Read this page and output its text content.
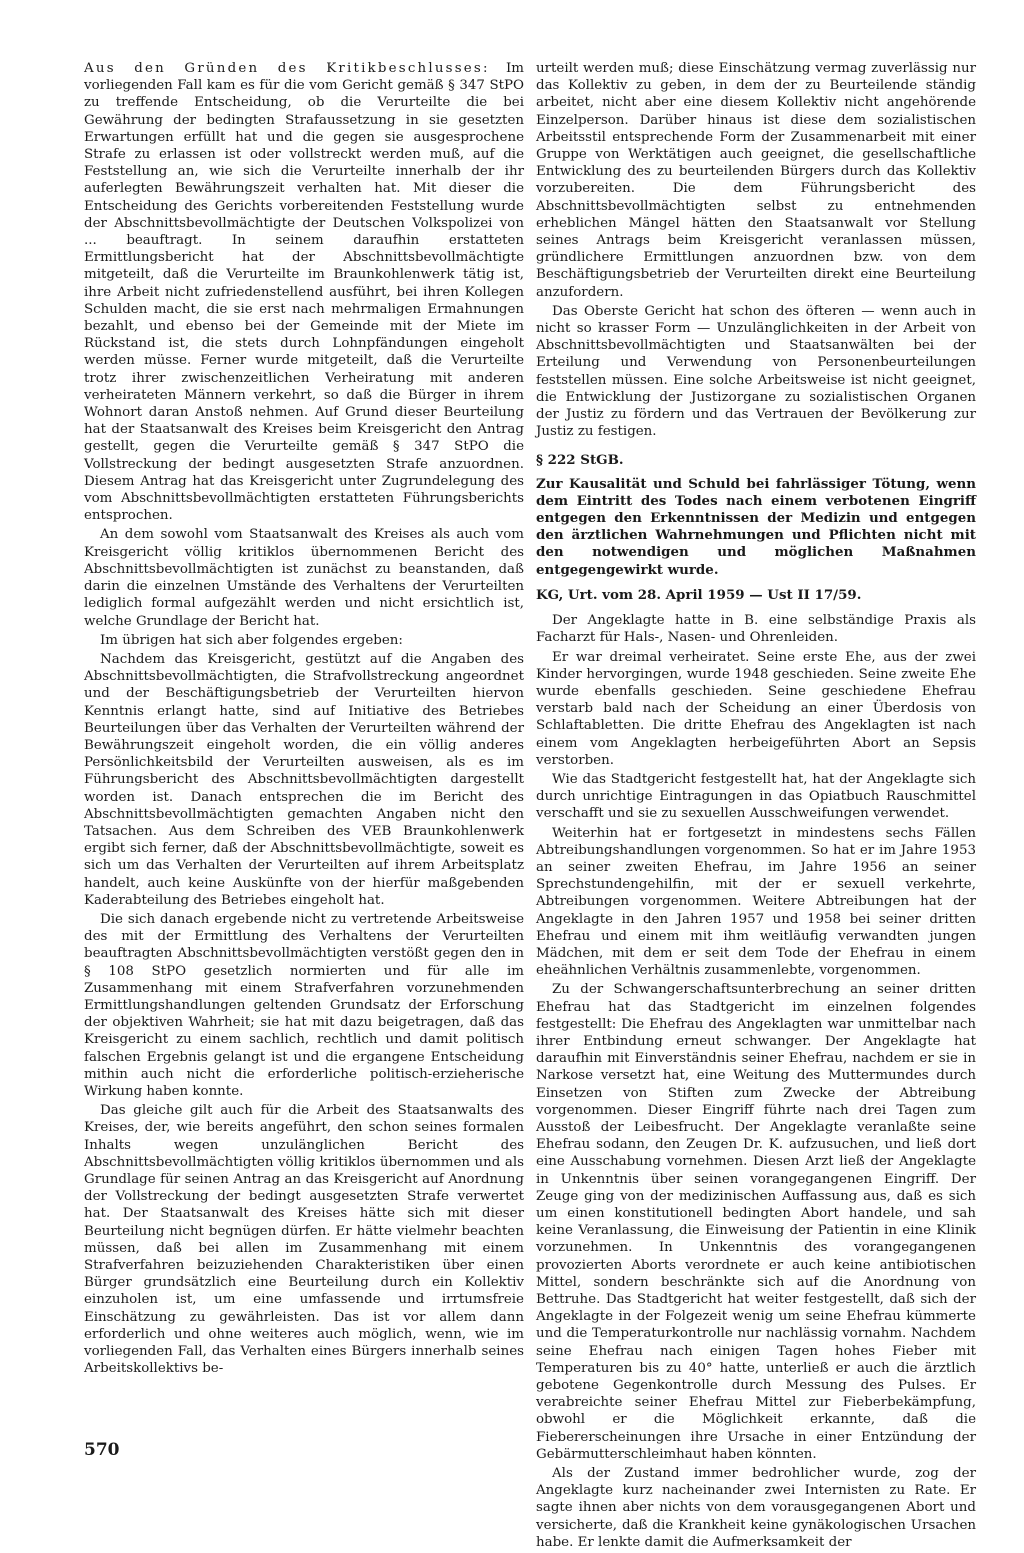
Aus den Gründen des Kritikbeschlusses: Im vorliegenden Fall kam es für die vom Gericht gemäß § 347 StPO zu treffende Entscheidung, ob die Verurteilte die bei Gewährung der bedingten Strafaussetzung in sie gesetzten Erwartungen erfüllt hat und die gegen sie ausgesprochene Strafe zu erlassen ist oder vollstreckt werden muß, auf die Feststellung an, wie sich die Verurteilte innerhalb der ihr auferlegten Bewährungszeit verhalten hat. Mit dieser die Entscheidung des Gerichts vorbereitenden Feststellung wurde der Abschnittsbevollmächtigte der Deutschen Volkspolizei von ... beauftragt. In seinem daraufhin erstatteten Ermittlungsbericht hat der Abschnittsbevollmächtigte mitgeteilt, daß die Verurteilte im Braunkohlenwerk tätig ist, ihre Arbeit nicht zufriedenstellend ausführt, bei ihren Kollegen Schulden macht, die sie erst nach mehrmaligen Ermahnungen bezahlt, und ebenso bei der Gemeinde mit der Miete im Rückstand ist, die stets durch Lohnpfändungen eingeholt werden müsse. Ferner wurde mitgeteilt, daß die Verurteilte trotz ihrer zwischenzeitlichen Verheiratung mit anderen verheirateten Männern verkehrt, so daß die Bürger in ihrem Wohnort daran Anstoß nehmen. Auf Grund dieser Beurteilung hat der Staatsanwalt des Kreises beim Kreisgericht den Antrag gestellt, gegen die Verurteilte gemäß § 347 StPO die Vollstreckung der bedingt ausgesetzten Strafe anzuordnen. Diesem Antrag hat das Kreisgericht unter Zugrundelegung des vom Abschnittsbevollmächtigten erstatteten Führungsberichts entsprochen.

An dem sowohl vom Staatsanwalt des Kreises als auch vom Kreisgericht völlig kritiklos übernommenen Bericht des Abschnittsbevollmächtigten ist zunächst zu beanstanden, daß darin die einzelnen Umstände des Verhaltens der Verurteilten lediglich formal aufgezählt werden und nicht ersichtlich ist, welche Grundlage der Bericht hat.

Im übrigen hat sich aber folgendes ergeben:

Nachdem das Kreisgericht, gestützt auf die Angaben des Abschnittsbevollmächtigten, die Strafvollstreckung angeordnet und der Beschäftigungsbetrieb der Verurteilten hiervon Kenntnis erlangt hatte, sind auf Initiative des Betriebes Beurteilungen über das Verhalten der Verurteilten während der Bewährungszeit eingeholt worden, die ein völlig anderes Persönlichkeitsbild der Verurteilten ausweisen, als es im Führungsbericht des Abschnittsbevollmächtigten dargestellt worden ist. Danach entsprechen die im Bericht des Abschnittsbevollmächtigten gemachten Angaben nicht den Tatsachen. Aus dem Schreiben des VEB Braunkohlenwerk ergibt sich ferner, daß der Abschnittsbevollmächtigte, soweit es sich um das Verhalten der Verurteilten auf ihrem Arbeitsplatz handelt, auch keine Auskünfte von der hierfür maßgebenden Kaderabteilung des Betriebes eingeholt hat.

Die sich danach ergebende nicht zu vertretende Arbeitsweise des mit der Ermittlung des Verhaltens der Verurteilten beauftragten Abschnittsbevollmächtigten verstößt gegen den in § 108 StPO gesetzlich normierten und für alle im Zusammenhang mit einem Strafverfahren vorzunehmenden Ermittlungshandlungen geltenden Grundsatz der Erforschung der objektiven Wahrheit; sie hat mit dazu beigetragen, daß das Kreisgericht zu einem sachlich, rechtlich und damit politisch falschen Ergebnis gelangt ist und die ergangene Entscheidung mithin auch nicht die erforderliche politisch-erzieherische Wirkung haben konnte.

Das gleiche gilt auch für die Arbeit des Staatsanwalts des Kreises, der, wie bereits angeführt, den schon seines formalen Inhalts wegen unzulänglichen Bericht des Abschnittsbevollmächtigten völlig kritiklos übernommen und als Grundlage für seinen Antrag an das Kreisgericht auf Anordnung der Vollstreckung der bedingt ausgesetzten Strafe verwertet hat. Der Staatsanwalt des Kreises hätte sich mit dieser Beurteilung nicht begnügen dürfen. Er hätte vielmehr beachten müssen, daß bei allen im Zusammenhang mit einem Strafverfahren beizuziehenden Charakteristiken über einen Bürger grundsätzlich eine Beurteilung durch ein Kollektiv einzuholen ist, um eine umfassende und irrtumsfreie Einschätzung zu gewährleisten. Das ist vor allem dann erforderlich und ohne weiteres auch möglich, wenn, wie im vorliegenden Fall, das Verhalten eines Bürgers innerhalb seines Arbeitskollektivs be-

urteilt werden muß; diese Einschätzung vermag zuverlässig nur das Kollektiv zu geben, in dem der zu Beurteilende ständig arbeitet, nicht aber eine diesem Kollektiv nicht angehörende Einzelperson. Darüber hinaus ist diese dem sozialistischen Arbeitsstil entsprechende Form der Zusammenarbeit mit einer Gruppe von Werktätigen auch geeignet, die gesellschaftliche Entwicklung des zu beurteilenden Bürgers durch das Kollektiv vorzubereiten. Die dem Führungsbericht des Abschnittsbevollmächtigten selbst zu entnehmenden erheblichen Mängel hätten den Staatsanwalt vor Stellung seines Antrags beim Kreisgericht veranlassen müssen, gründlichere Ermittlungen anzuordnen bzw. von dem Beschäftigungsbetrieb der Verurteilten direkt eine Beurteilung anzufordern.

Das Oberste Gericht hat schon des öfteren — wenn auch in nicht so krasser Form — Unzulänglichkeiten in der Arbeit von Abschnittsbevollmächtigten und Staatsanwälten bei der Erteilung und Verwendung von Personenbeurteilungen feststellen müssen. Eine solche Arbeitsweise ist nicht geeignet, die Entwicklung der Justizorgane zu sozialistischen Organen der Justiz zu fördern und das Vertrauen der Bevölkerung zur Justiz zu festigen.

§ 222 StGB.
Zur Kausalität und Schuld bei fahrlässiger Tötung, wenn dem Eintritt des Todes nach einem verbotenen Eingriff entgegen den Erkenntnissen der Medizin und entgegen den ärztlichen Wahrnehmungen und Pflichten nicht mit den notwendigen und möglichen Maßnahmen entgegengewirkt wurde.
KG, Urt. vom 28. April 1959 — Ust II 17/59.

Der Angeklagte hatte in B. eine selbständige Praxis als Facharzt für Hals-, Nasen- und Ohrenleiden.

Er war dreimal verheiratet. Seine erste Ehe, aus der zwei Kinder hervorgingen, wurde 1948 geschieden. Seine zweite Ehe wurde ebenfalls geschieden. Seine geschiedene Ehefrau verstarb bald nach der Scheidung an einer Überdosis von Schlaftabletten. Die dritte Ehefrau des Angeklagten ist nach einem vom Angeklagten herbeigeführten Abort an Sepsis verstorben.

Wie das Stadtgericht festgestellt hat, hat der Angeklagte sich durch unrichtige Eintragungen in das Opiatbuch Rauschmittel verschafft und sie zu sexuellen Ausschweifungen verwendet.

Weiterhin hat er fortgesetzt in mindestens sechs Fällen Abtreibungshandlungen vorgenommen. So hat er im Jahre 1953 an seiner zweiten Ehefrau, im Jahre 1956 an seiner Sprechstundengehilfin, mit der er sexuell verkehrte, Abtreibungen vorgenommen. Weitere Abtreibungen hat der Angeklagte in den Jahren 1957 und 1958 bei seiner dritten Ehefrau und einem mit ihm weitläufig verwandten jungen Mädchen, mit dem er seit dem Tode der Ehefrau in einem eheähnlichen Verhältnis zusammenlebte, vorgenommen.

Zu der Schwangerschaftsunterbrechung an seiner dritten Ehefrau hat das Stadtgericht im einzelnen folgendes festgestellt: Die Ehefrau des Angeklagten war unmittelbar nach ihrer Entbindung erneut schwanger. Der Angeklagte hat daraufhin mit Einverständnis seiner Ehefrau, nachdem er sie in Narkose versetzt hat, eine Weitung des Muttermundes durch Einsetzen von Stiften zum Zwecke der Abtreibung vorgenommen. Dieser Eingriff führte nach drei Tagen zum Ausstoß der Leibesfrucht. Der Angeklagte veranlaßte seine Ehefrau sodann, den Zeugen Dr. K. aufzusuchen, und ließ dort eine Ausschabung vornehmen. Diesen Arzt ließ der Angeklagte in Unkenntnis über seinen vorangegangenen Eingriff. Der Zeuge ging von der medizinischen Auffassung aus, daß es sich um einen konstitutionell bedingten Abort handele, und sah keine Veranlassung, die Einweisung der Patientin in eine Klinik vorzunehmen. In Unkenntnis des vorangegangenen provozierten Aborts verordnete er auch keine antibiotischen Mittel, sondern beschränkte sich auf die Anordnung von Bettruhe. Das Stadtgericht hat weiter festgestellt, daß sich der Angeklagte in der Folgezeit wenig um seine Ehefrau kümmerte und die Temperaturkontrolle nur nachlässig vornahm. Nachdem seine Ehefrau nach einigen Tagen hohes Fieber mit Temperaturen bis zu 40° hatte, unterließ er auch die ärztlich gebotene Gegenkontrolle durch Messung des Pulses. Er verabreichte seiner Ehefrau Mittel zur Fieberbekämpfung, obwohl er die Möglichkeit erkannte, daß die Fiebererscheinungen ihre Ursache in einer Entzündung der Gebärmutterschleimhaut haben könnten.

Als der Zustand immer bedrohlicher wurde, zog der Angeklagte kurz nacheinander zwei Internisten zu Rate. Er sagte ihnen aber nichts von dem vorausgegangenen Abort und versicherte, daß die Krankheit keine gynäkologischen Ursachen habe. Er lenkte damit die Aufmerksamkeit der

570
